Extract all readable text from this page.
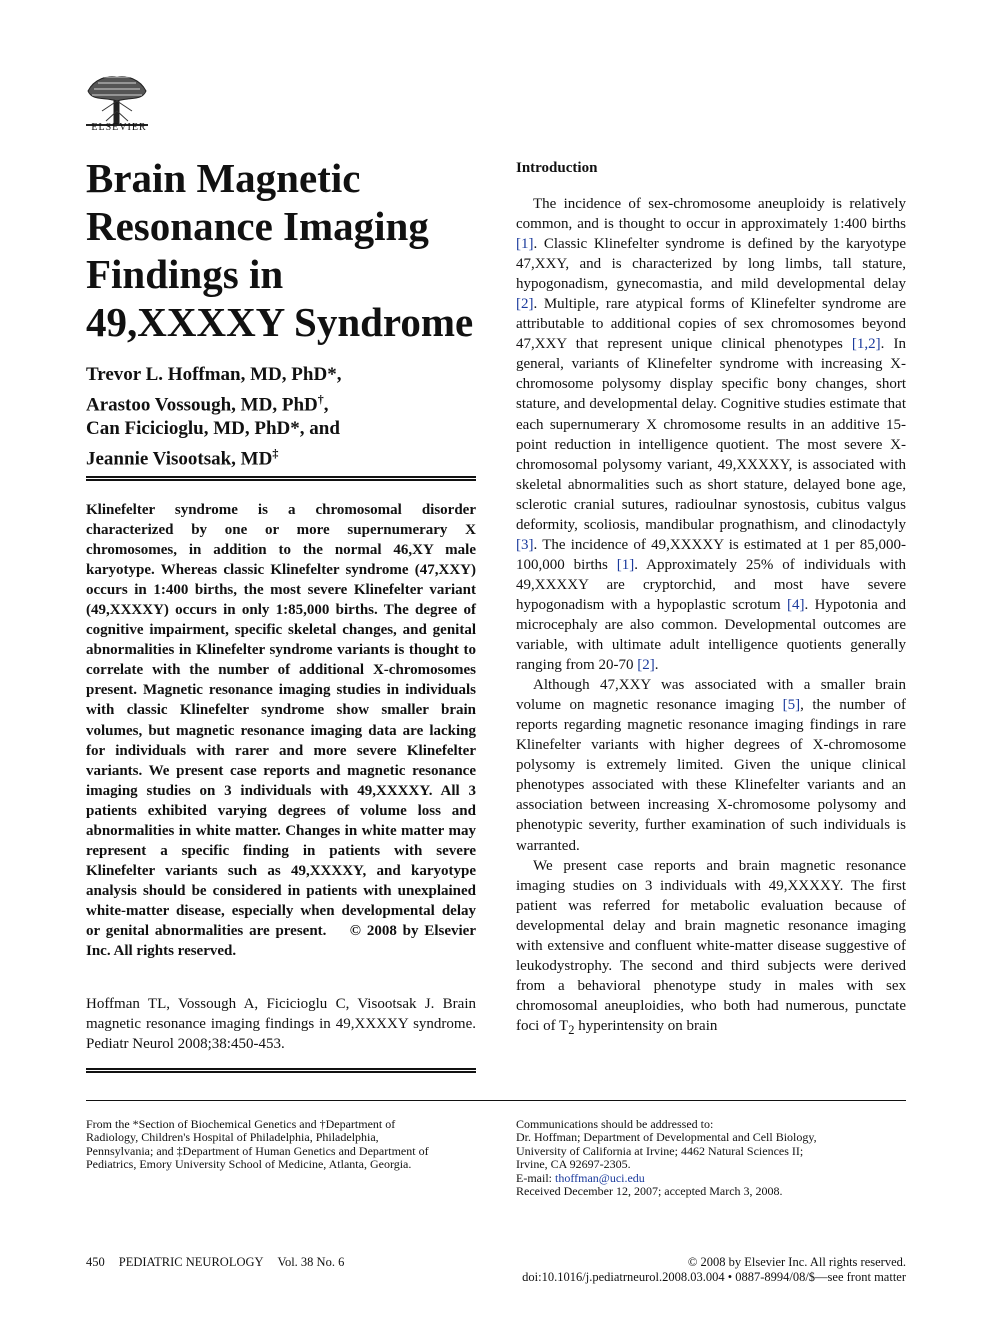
ELSEVIER
Brain Magnetic Resonance Imaging Findings in 49,XXXXY Syndrome
Trevor L. Hoffman, MD, PhD*,
Arastoo Vossough, MD, PhD†,
Can Ficicioglu, MD, PhD*, and
Jeannie Visootsak, MD‡
Klinefelter syndrome is a chromosomal disorder characterized by one or more supernumerary X chromosomes, in addition to the normal 46,XY male karyotype. Whereas classic Klinefelter syndrome (47,XXY) occurs in 1:400 births, the most severe Klinefelter variant (49,XXXXY) occurs in only 1:85,000 births. The degree of cognitive impairment, specific skeletal changes, and genital abnormalities in Klinefelter syndrome variants is thought to correlate with the number of additional X-chromosomes present. Magnetic resonance imaging studies in individuals with classic Klinefelter syndrome show smaller brain volumes, but magnetic resonance imaging data are lacking for individuals with rarer and more severe Klinefelter variants. We present case reports and magnetic resonance imaging studies on 3 individuals with 49,XXXXY. All 3 patients exhibited varying degrees of volume loss and abnormalities in white matter. Changes in white matter may represent a specific finding in patients with severe Klinefelter variants such as 49,XXXXY, and karyotype analysis should be considered in patients with unexplained white-matter disease, especially when developmental delay or genital abnormalities are present. © 2008 by Elsevier Inc. All rights reserved.
Hoffman TL, Vossough A, Ficicioglu C, Visootsak J. Brain magnetic resonance imaging findings in 49,XXXXY syndrome. Pediatr Neurol 2008;38:450-453.
Introduction

The incidence of sex-chromosome aneuploidy is relatively common, and is thought to occur in approximately 1:400 births [1]. Classic Klinefelter syndrome is defined by the karyotype 47,XXY, and is characterized by long limbs, tall stature, hypogonadism, gynecomastia, and mild developmental delay [2]. Multiple, rare atypical forms of Klinefelter syndrome are attributable to additional copies of sex chromosomes beyond 47,XXY that represent unique clinical phenotypes [1,2]. In general, variants of Klinefelter syndrome with increasing X-chromosome polysomy display specific bony changes, short stature, and developmental delay. Cognitive studies estimate that each supernumerary X chromosome results in an additive 15-point reduction in intelligence quotient. The most severe X-chromosomal polysomy variant, 49,XXXXY, is associated with skeletal abnormalities such as short stature, delayed bone age, sclerotic cranial sutures, radioulnar synostosis, cubitus valgus deformity, scoliosis, mandibular prognathism, and clinodactyly [3]. The incidence of 49,XXXXY is estimated at 1 per 85,000-100,000 births [1]. Approximately 25% of individuals with 49,XXXXY are cryptorchid, and most have severe hypogonadism with a hypoplastic scrotum [4]. Hypotonia and microcephaly are also common. Developmental outcomes are variable, with ultimate adult intelligence quotients generally ranging from 20-70 [2].

Although 47,XXY was associated with a smaller brain volume on magnetic resonance imaging [5], the number of reports regarding magnetic resonance imaging findings in rare Klinefelter variants with higher degrees of X-chromosome polysomy is extremely limited. Given the unique clinical phenotypes associated with these Klinefelter variants and an association between increasing X-chromosome polysomy and phenotypic severity, further examination of such individuals is warranted.

We present case reports and brain magnetic resonance imaging studies on 3 individuals with 49,XXXXY. The first patient was referred for metabolic evaluation because of developmental delay and brain magnetic resonance imaging with extensive and confluent white-matter disease suggestive of leukodystrophy. The second and third subjects were derived from a behavioral phenotype study in males with sex chromosomal aneuploidies, who both had numerous, punctate foci of $T_2$ hyperintensity on brain

From the *Section of Biochemical Genetics and †Department of
Radiology, Children's Hospital of Philadelphia, Philadelphia,
Pennsylvania; and ‡Department of Human Genetics and Department of
Pediatrics, Emory University School of Medicine, Atlanta, Georgia.
Communications should be addressed to:
Dr. Hoffman; Department of Developmental and Cell Biology,
University of California at Irvine; 4462 Natural Sciences II;
Irvine, CA 92697-2305.
E-mail: thoffman@uci.edu
Received December 12, 2007; accepted March 3, 2008.
450 PEDIATRIC NEUROLOGY Vol. 38 No. 6	© 2008 by Elsevier Inc. All rights reserved.
doi:10.1016/j.pediatrneurol.2008.03.004 • 0887-8994/08/$—see front matter
